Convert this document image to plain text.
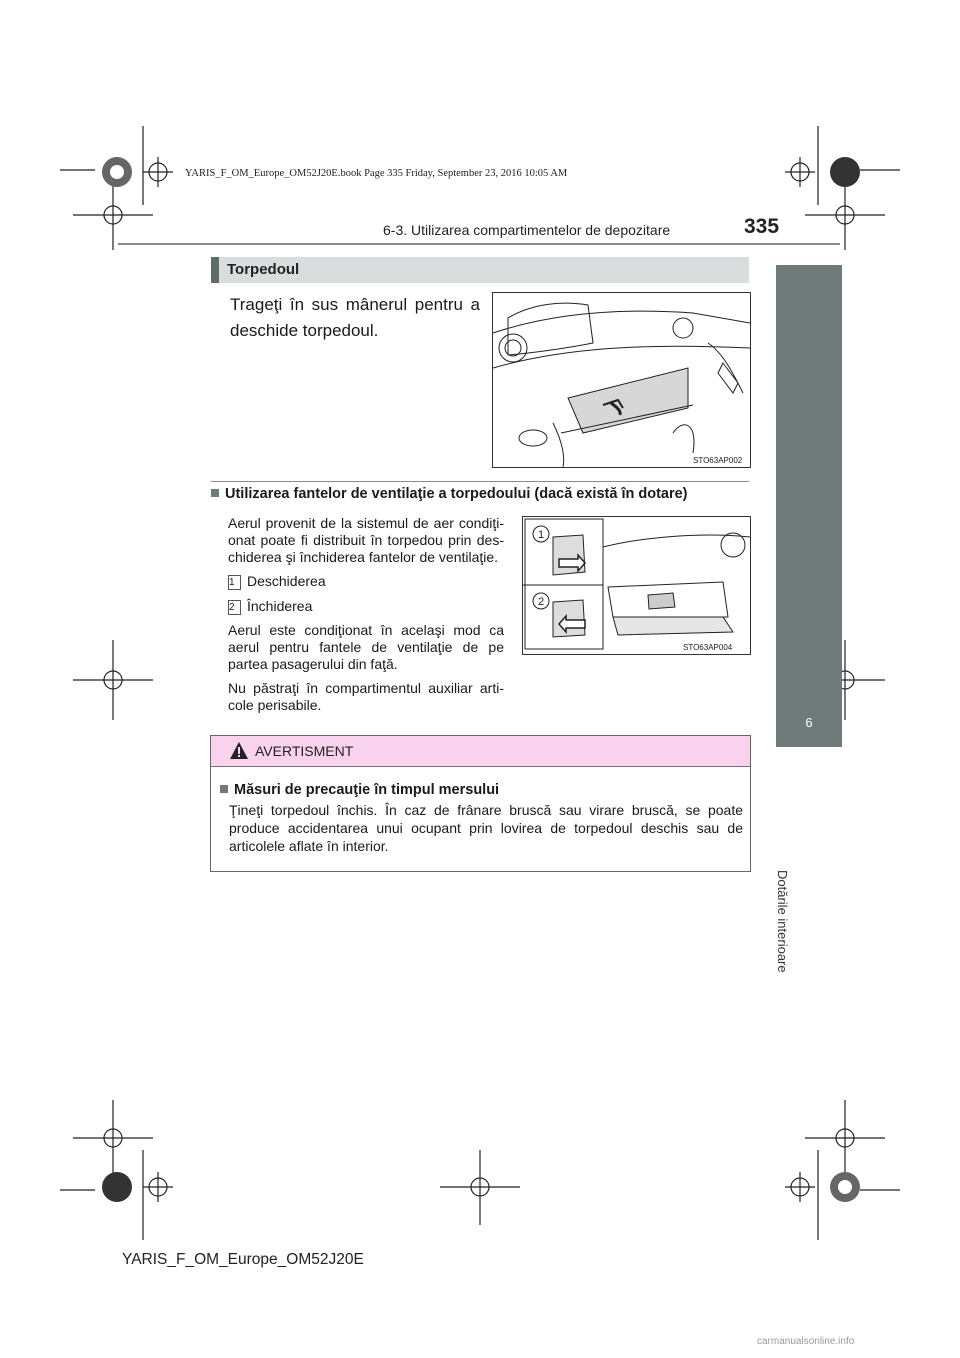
YARIS_F_OM_Europe_OM52J20E.book Page 335 Friday, September 23, 2016 10:05 AM
6-3. Utilizarea compartimentelor de depozitare	335
6
Dotările interioare
Torpedoul
Trageţi în sus mânerul pentru a deschide torpedoul.
STO63AP002
Utilizarea fantelor de ventilaţie a torpedoului (dacă există în dotare)
Aerul provenit de la sistemul de aer condiţi-onat poate fi distribuit în torpedou prin des-chiderea şi închiderea fantelor de ventilaţie.
1 Deschiderea
2 Închiderea
Aerul este condiţionat în acelaşi mod ca aerul pentru fantele de ventilaţie de pe partea pasagerului din faţă.
Nu păstraţi în compartimentul auxiliar arti-cole perisabile.
1
2
STO63AP004
AVERTISMENT
Măsuri de precauţie în timpul mersului
Ţineţi torpedoul închis. În caz de frânare bruscă sau virare bruscă, se poate produce accidentarea unui ocupant prin lovirea de torpedoul deschis sau de articolele aflate în interior.
YARIS_F_OM_Europe_OM52J20E
carmanualsonline.info
